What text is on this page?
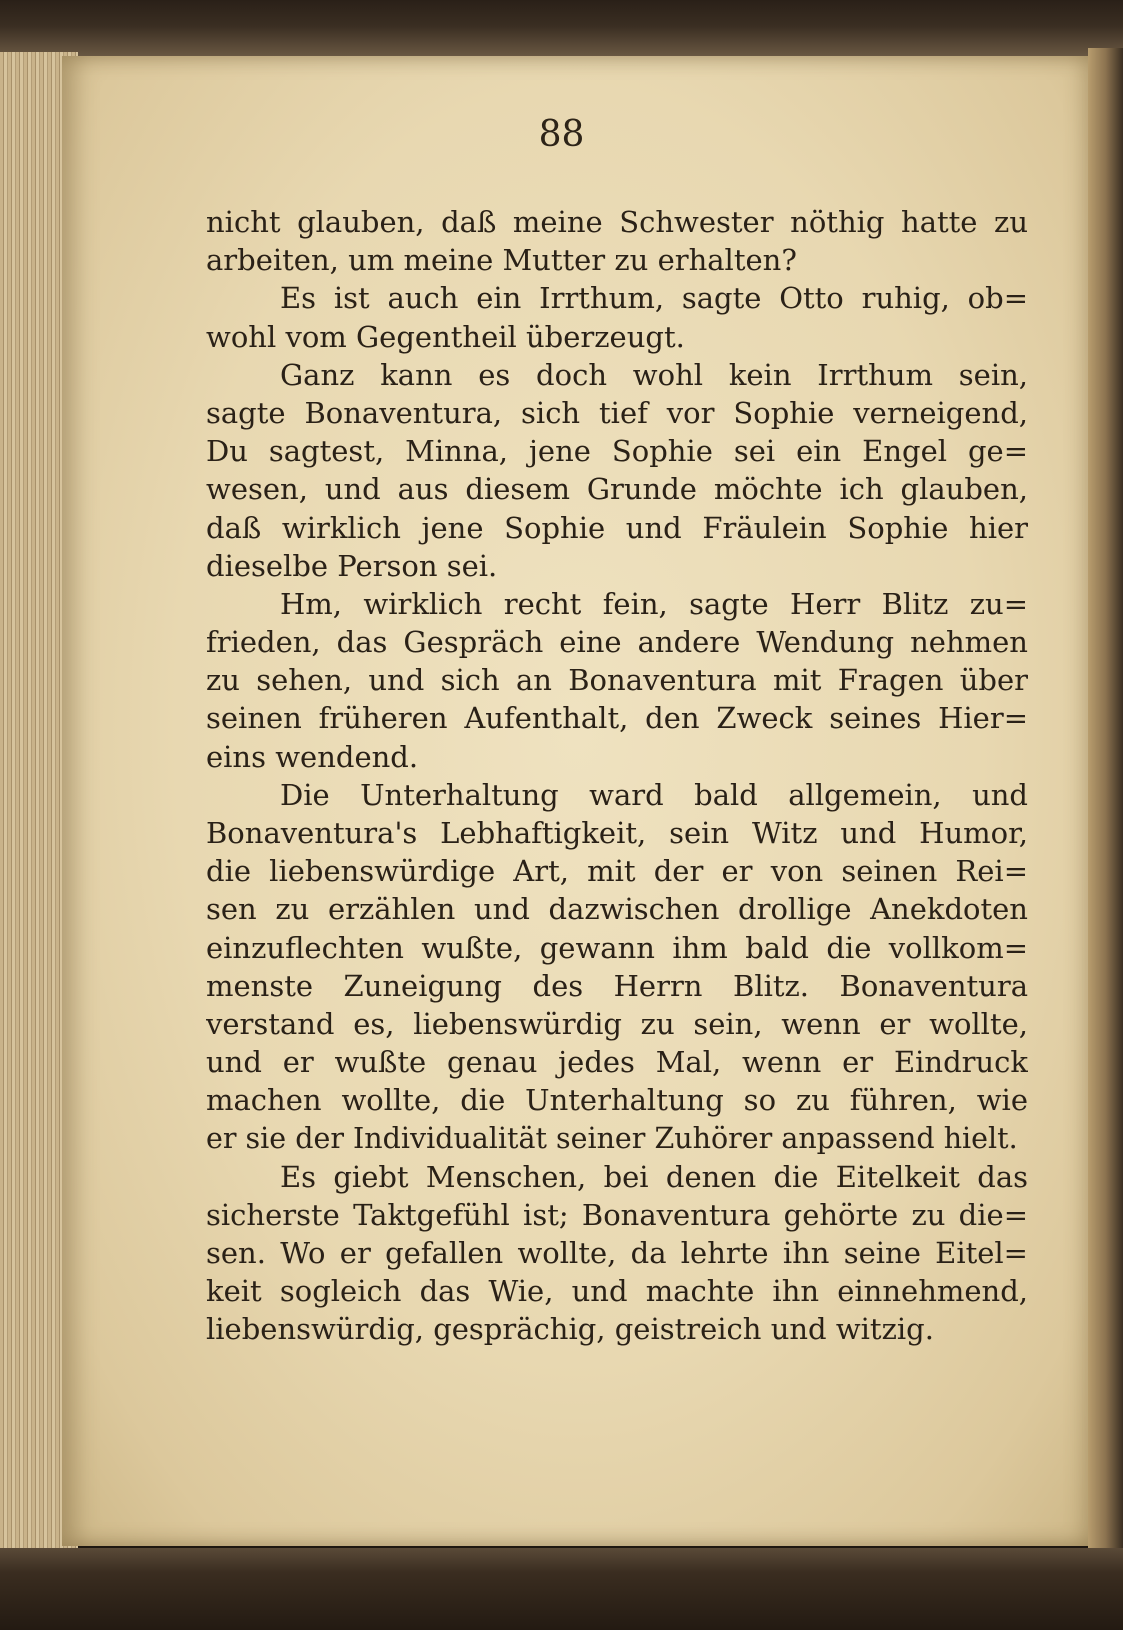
88

nicht glauben, daß meine Schwester nöthig hatte zu
arbeiten, um meine Mutter zu erhalten?
Es ist auch ein Irrthum, sagte Otto ruhig, ob=
wohl vom Gegentheil überzeugt.
Ganz kann es doch wohl kein Irrthum sein,
sagte Bonaventura, sich tief vor Sophie verneigend,
Du sagtest, Minna, jene Sophie sei ein Engel ge=
wesen, und aus diesem Grunde möchte ich glauben,
daß wirklich jene Sophie und Fräulein Sophie hier
dieselbe Person sei.
Hm, wirklich recht fein, sagte Herr Blitz zu=
frieden, das Gespräch eine andere Wendung nehmen
zu sehen, und sich an Bonaventura mit Fragen über
seinen früheren Aufenthalt, den Zweck seines Hier=
eins wendend.
Die Unterhaltung ward bald allgemein, und
Bonaventura's Lebhaftigkeit, sein Witz und Humor,
die liebenswürdige Art, mit der er von seinen Rei=
sen zu erzählen und dazwischen drollige Anekdoten
einzuflechten wußte, gewann ihm bald die vollkom=
menste Zuneigung des Herrn Blitz. Bonaventura
verstand es, liebenswürdig zu sein, wenn er wollte,
und er wußte genau jedes Mal, wenn er Eindruck
machen wollte, die Unterhaltung so zu führen, wie
er sie der Individualität seiner Zuhörer anpassend hielt.
Es giebt Menschen, bei denen die Eitelkeit das
sicherste Taktgefühl ist; Bonaventura gehörte zu die=
sen. Wo er gefallen wollte, da lehrte ihn seine Eitel=
keit sogleich das Wie, und machte ihn einnehmend,
liebenswürdig, gesprächig, geistreich und witzig.
